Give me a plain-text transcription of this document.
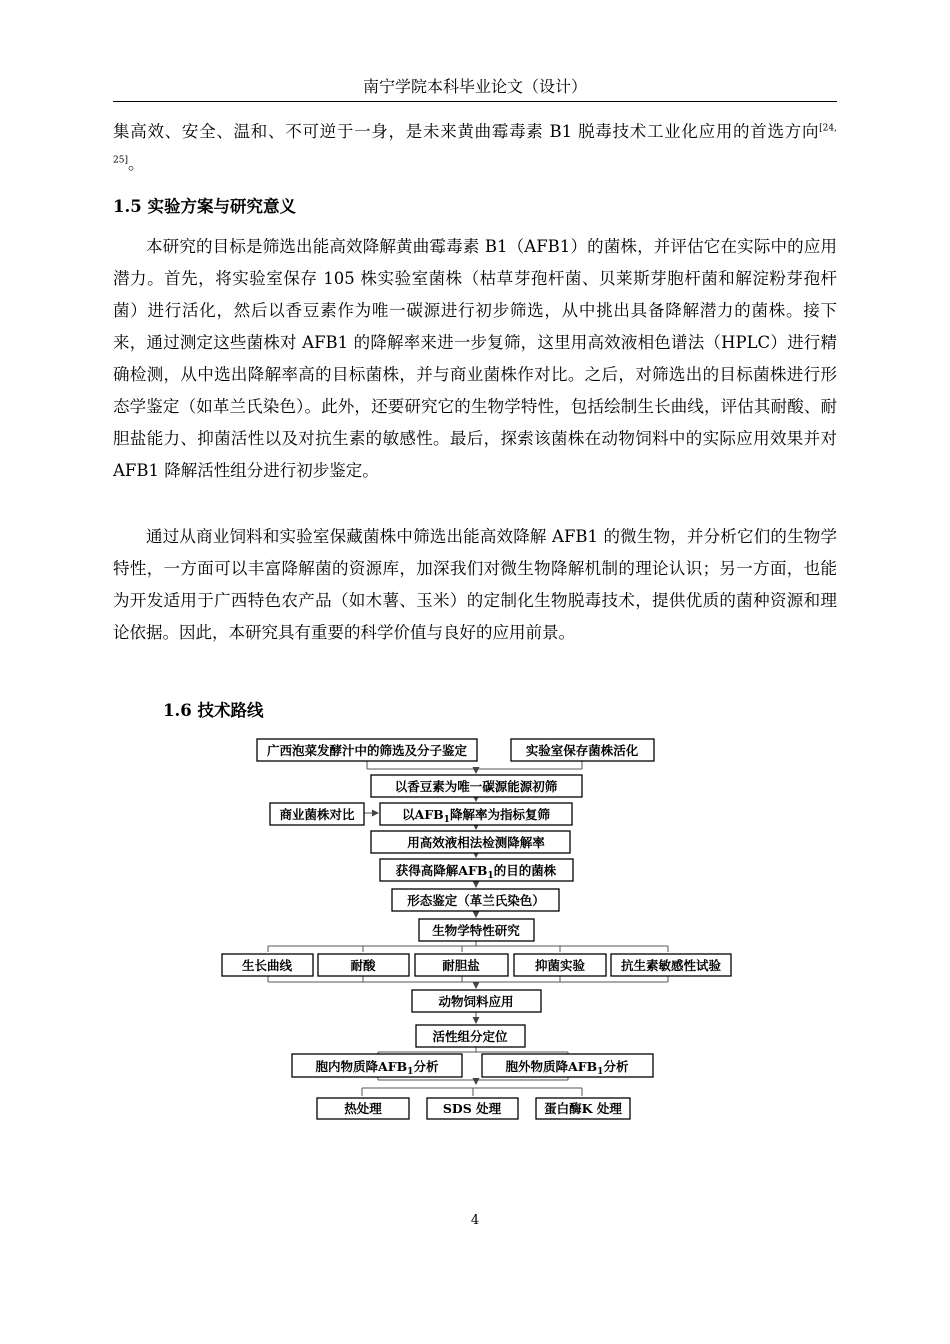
南宁学院本科毕业论文（设计）

集高效、安全、温和、不可逆于一身，是未来黄曲霉毒素 B1 脱毒技术工业化应用的首选方向[24, 25]。

1.5 实验方案与研究意义

本研究的目标是筛选出能高效降解黄曲霉毒素 B1（AFB1）的菌株，并评估它在实际中的应用潜力。首先，将实验室保存 105 株实验室菌株（枯草芽孢杆菌、贝莱斯芽胞杆菌和解淀粉芽孢杆菌）进行活化，然后以香豆素作为唯一碳源进行初步筛选，从中挑出具备降解潜力的菌株。接下来，通过测定这些菌株对 AFB1 的降解率来进一步复筛，这里用高效液相色谱法（HPLC）进行精确检测，从中选出降解率高的目标菌株，并与商业菌株作对比。之后，对筛选出的目标菌株进行形态学鉴定（如革兰氏染色）。此外，还要研究它的生物学特性，包括绘制生长曲线，评估其耐酸、耐胆盐能力、抑菌活性以及对抗生素的敏感性。最后，探索该菌株在动物饲料中的实际应用效果并对 AFB1 降解活性组分进行初步鉴定。

通过从商业饲料和实验室保藏菌株中筛选出能高效降解 AFB1 的微生物，并分析它们的生物学特性，一方面可以丰富降解菌的资源库，加深我们对微生物降解机制的理论认识；另一方面，也能为开发适用于广西特色农产品（如木薯、玉米）的定制化生物脱毒技术，提供优质的菌种资源和理论依据。因此，本研究具有重要的科学价值与良好的应用前景。

1.6 技术路线
广西泡菜发酵汁中的筛选及分子鉴定	实验室保存菌株活化
以香豆素为唯一碳源能源初筛
商业菌株对比	以$AFB_1$降解率为指标复筛
用高效液相法检测降解率
获得高降解$AFB_1$的目的菌株
形态鉴定（革兰氏染色）
生物学特性研究
生长曲线	耐酸	耐胆盐	抑菌实验	抗生素敏感性试验
动物饲料应用
活性组分定位
胞内物质降$AFB_1$分析	胞外物质降$AFB_1$分析
热处理	SDS 处理	蛋白酶K 处理
4
